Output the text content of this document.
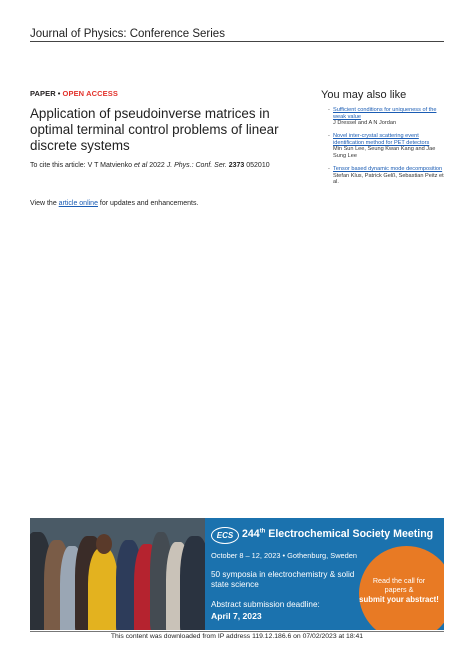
Journal of Physics: Conference Series
PAPER • OPEN ACCESS
Application of pseudoinverse matrices in optimal terminal control problems of linear discrete systems
To cite this article: V T Matvienko et al 2022 J. Phys.: Conf. Ser. 2373 052010
View the article online for updates and enhancements.
You may also like
- Sufficient conditions for uniqueness of the weak value
J Dressel and A N Jordan
- Novel inter-crystal scattering event identification method for PET detectors
Min Sun Lee, Seung Kwan Kang and Jae Sung Lee
- Tensor based dynamic mode decomposition
Stefan Klus, Patrick Gelß, Sebastian Peitz et al.
ECS 244th Electrochemical Society Meeting
October 8 – 12, 2023 • Gothenburg, Sweden
50 symposia in electrochemistry & solid state science
Abstract submission deadline:
April 7, 2023
Read the call for
papers &
submit your abstract!
This content was downloaded from IP address 119.12.186.6 on 07/02/2023 at 18:41
